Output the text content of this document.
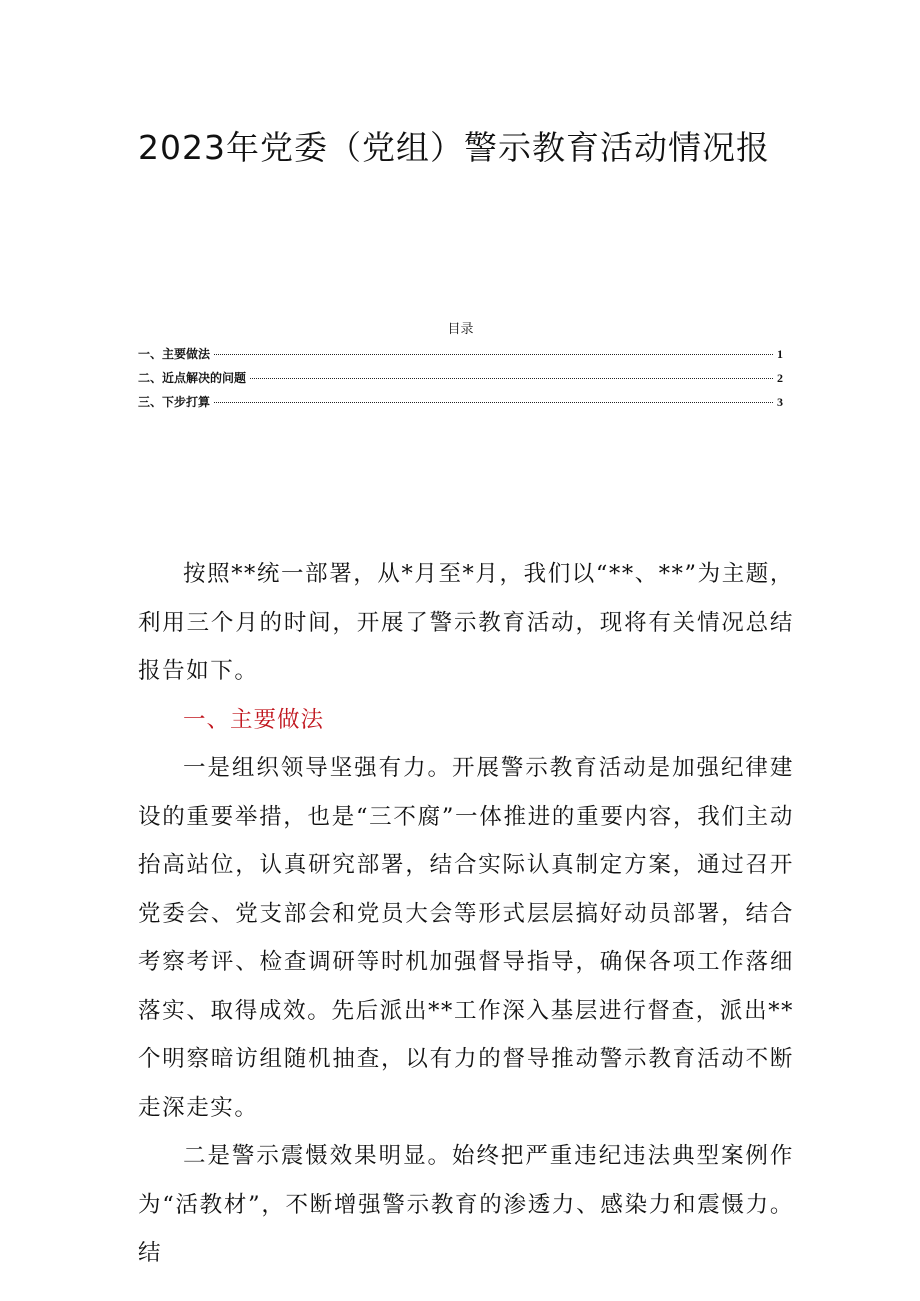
2023年党委（党组）警示教育活动情况报
目录
一、主要做法	1
二、近点解决的问题	2
三、下步打算	3

按照**统一部署，从*月至*月，我们以“**、**”为主题，利用三个月的时间，开展了警示教育活动，现将有关情况总结报告如下。

一、主要做法

一是组织领导坚强有力。开展警示教育活动是加强纪律建设的重要举措，也是“三不腐”一体推进的重要内容，我们主动抬高站位，认真研究部署，结合实际认真制定方案，通过召开党委会、党支部会和党员大会等形式层层搞好动员部署，结合考察考评、检查调研等时机加强督导指导，确保各项工作落细落实、取得成效。先后派出**工作深入基层进行督查，派出**个明察暗访组随机抽查，以有力的督导推动警示教育活动不断走深走实。

二是警示震慑效果明显。始终把严重违纪违法典型案例作为“活教材”，不断增强警示教育的渗透力、感染力和震慑力。结
